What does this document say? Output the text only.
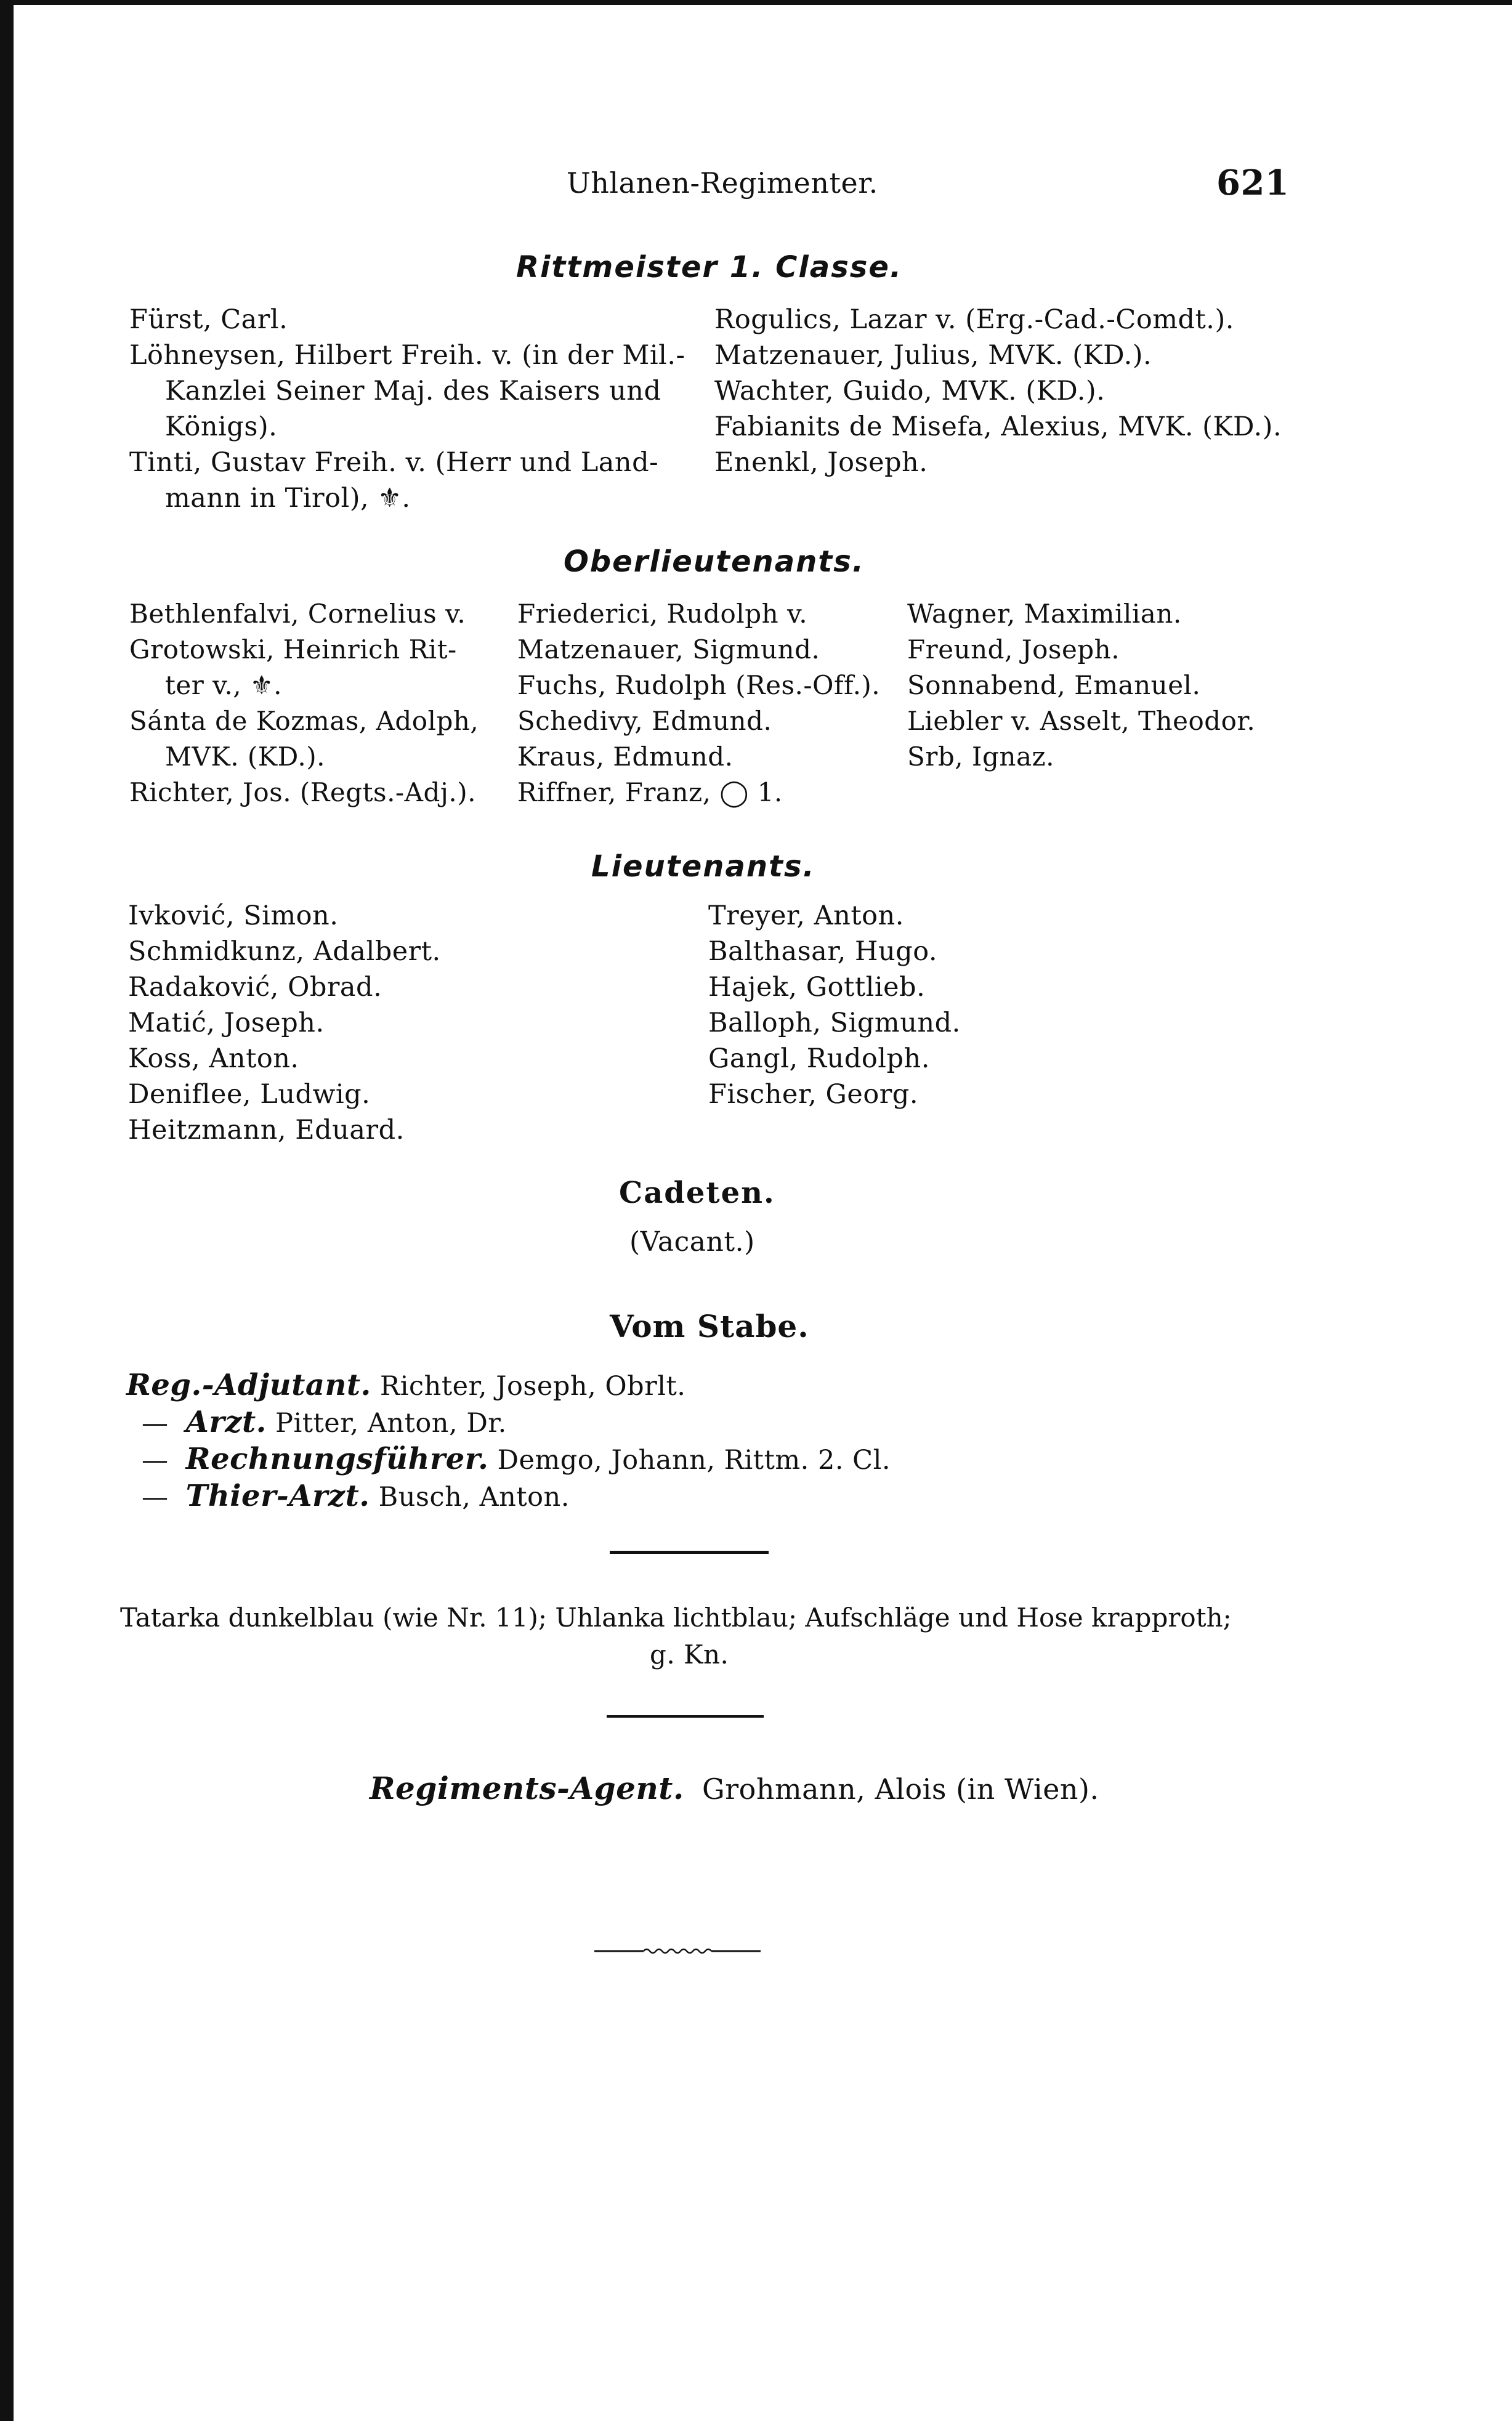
Uhlanen-Regimenter.	621
Rittmeister 1. Classe.
Fürst, Carl.
Löhneysen, Hilbert Freih. v. (in der Mil.-
Kanzlei Seiner Maj. des Kaisers und
Königs).
Tinti, Gustav Freih. v. (Herr und Land-
mann in Tirol), ⚜.
Rogulics, Lazar v. (Erg.-Cad.-Comdt.).
Matzenauer, Julius, MVK. (KD.).
Wachter, Guido, MVK. (KD.).
Fabianits de Misefa, Alexius, MVK. (KD.).
Enenkl, Joseph.
Oberlieutenants.
Bethlenfalvi, Cornelius v.
Grotowski, Heinrich Rit-
ter v., ⚜.
Sánta de Kozmas, Adolph,
MVK. (KD.).
Richter, Jos. (Regts.-Adj.).
Friederici, Rudolph v.
Matzenauer, Sigmund.
Fuchs, Rudolph (Res.-Off.).
Schedivy, Edmund.
Kraus, Edmund.
Riffner, Franz, ◯ 1.
Wagner, Maximilian.
Freund, Joseph.
Sonnabend, Emanuel.
Liebler v. Asselt, Theodor.
Srb, Ignaz.
Lieutenants.
Ivković, Simon.
Schmidkunz, Adalbert.
Radaković, Obrad.
Matić, Joseph.
Koss, Anton.
Deniflee, Ludwig.
Heitzmann, Eduard.
Treyer, Anton.
Balthasar, Hugo.
Hajek, Gottlieb.
Balloph, Sigmund.
Gangl, Rudolph.
Fischer, Georg.
Cadeten.
(Vacant.)
Vom Stabe.
Reg.-Adjutant. Richter, Joseph, Obrlt.
— Arzt. Pitter, Anton, Dr.
— Rechnungsführer. Demgo, Johann, Rittm. 2. Cl.
— Thier-Arzt. Busch, Anton.
Tatarka dunkelblau (wie Nr. 11); Uhlanka lichtblau; Aufschläge und Hose krapproth;
g. Kn.
Regiments-Agent. Grohmann, Alois (in Wien).
